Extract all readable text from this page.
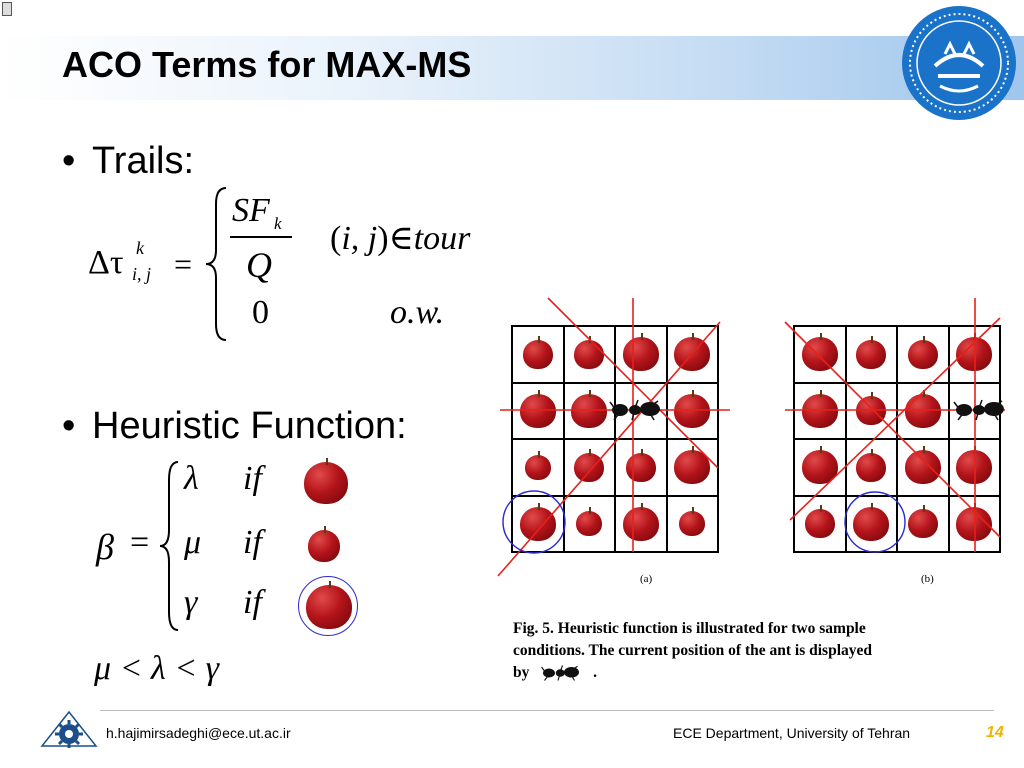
ACO Terms for MAX-MS
• Trails:
Δτ k
i, j =
SF k
Q
(i, j)∈tour
0	o.w.
• Heuristic Function:
β =
λ if
μ if
γ if
μ < λ < γ
(a)	(b)
Fig. 5. Heuristic function is illustrated for two sample
conditions. The current position of the ant is displayed
by	.
h.hajimirsadeghi@ece.ut.ac.ir	ECE Department, University of Tehran	14
